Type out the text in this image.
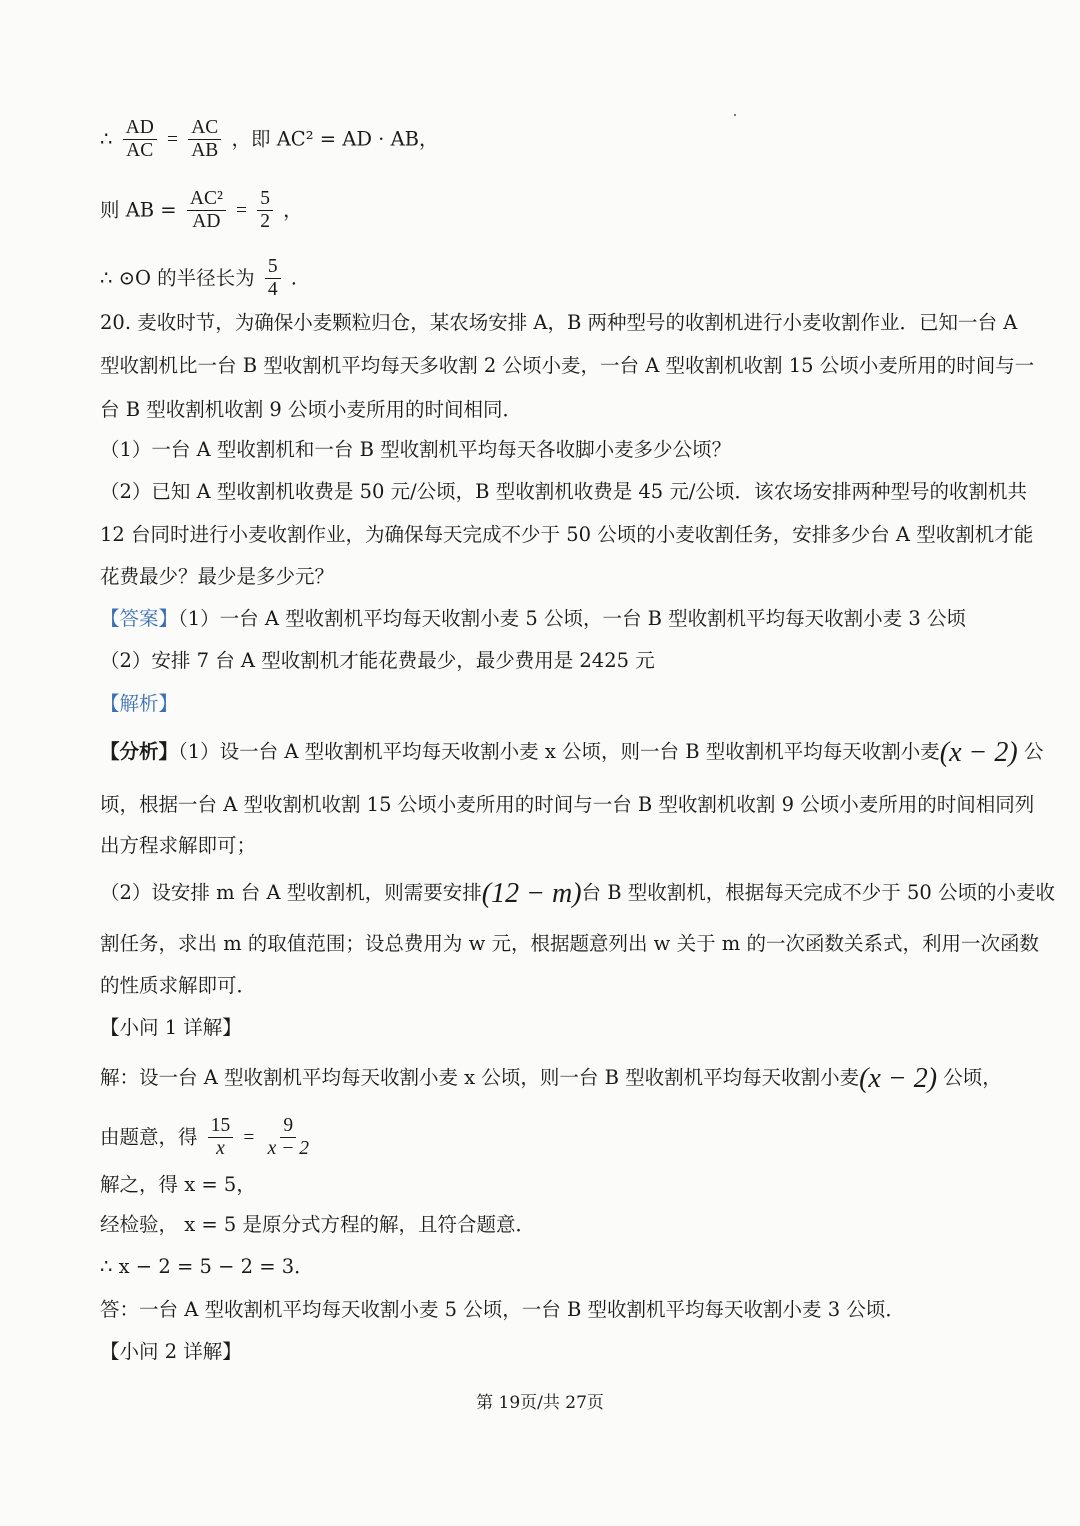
∴ $\frac{AD}{AC} = \frac{AC}{AB}$ ，即 AC² = AD · AB，
则 AB = $\frac{\text{AC²}}{AD} = \frac{5}{2}$ ，
∴ ⊙O 的半径长为 $\frac{5}{4}$ .
20. 麦收时节，为确保小麦颗粒归仓，某农场安排 A，B 两种型号的收割机进行小麦收割作业．已知一台 A
型收割机比一台 B 型收割机平均每天多收割 2 公顷小麦，一台 A 型收割机收割 15 公顷小麦所用的时间与一
台 B 型收割机收割 9 公顷小麦所用的时间相同．
（1）一台 A 型收割机和一台 B 型收割机平均每天各收脚小麦多少公顷？
（2）已知 A 型收割机收费是 50 元/公顷，B 型收割机收费是 45 元/公顷．该农场安排两种型号的收割机共
12 台同时进行小麦收割作业，为确保每天完成不少于 50 公顷的小麦收割任务，安排多少台 A 型收割机才能
花费最少？最少是多少元？
【答案】（1）一台 A 型收割机平均每天收割小麦 5 公顷，一台 B 型收割机平均每天收割小麦 3 公顷
（2）安排 7 台 A 型收割机才能花费最少，最少费用是 2425 元
【解析】
【分析】（1）设一台 A 型收割机平均每天收割小麦 x 公顷，则一台 B 型收割机平均每天收割小麦(x − 2) 公
顷，根据一台 A 型收割机收割 15 公顷小麦所用的时间与一台 B 型收割机收割 9 公顷小麦所用的时间相同列
出方程求解即可；
（2）设安排 m 台 A 型收割机，则需要安排(12 − m)台 B 型收割机，根据每天完成不少于 50 公顷的小麦收
割任务，求出 m 的取值范围；设总费用为 w 元，根据题意列出 w 关于 m 的一次函数关系式，利用一次函数
的性质求解即可．
【小问 1 详解】
解：设一台 A 型收割机平均每天收割小麦 x 公顷，则一台 B 型收割机平均每天收割小麦(x − 2) 公顷，
由题意，得 $\frac{15}{x} = \frac{9}{x - 2}$
解之，得 x = 5，
经检验， x = 5 是原分式方程的解，且符合题意．
∴ x − 2 = 5 − 2 = 3．
答：一台 A 型收割机平均每天收割小麦 5 公顷，一台 B 型收割机平均每天收割小麦 3 公顷．
【小问 2 详解】
第 19页/共 27页
